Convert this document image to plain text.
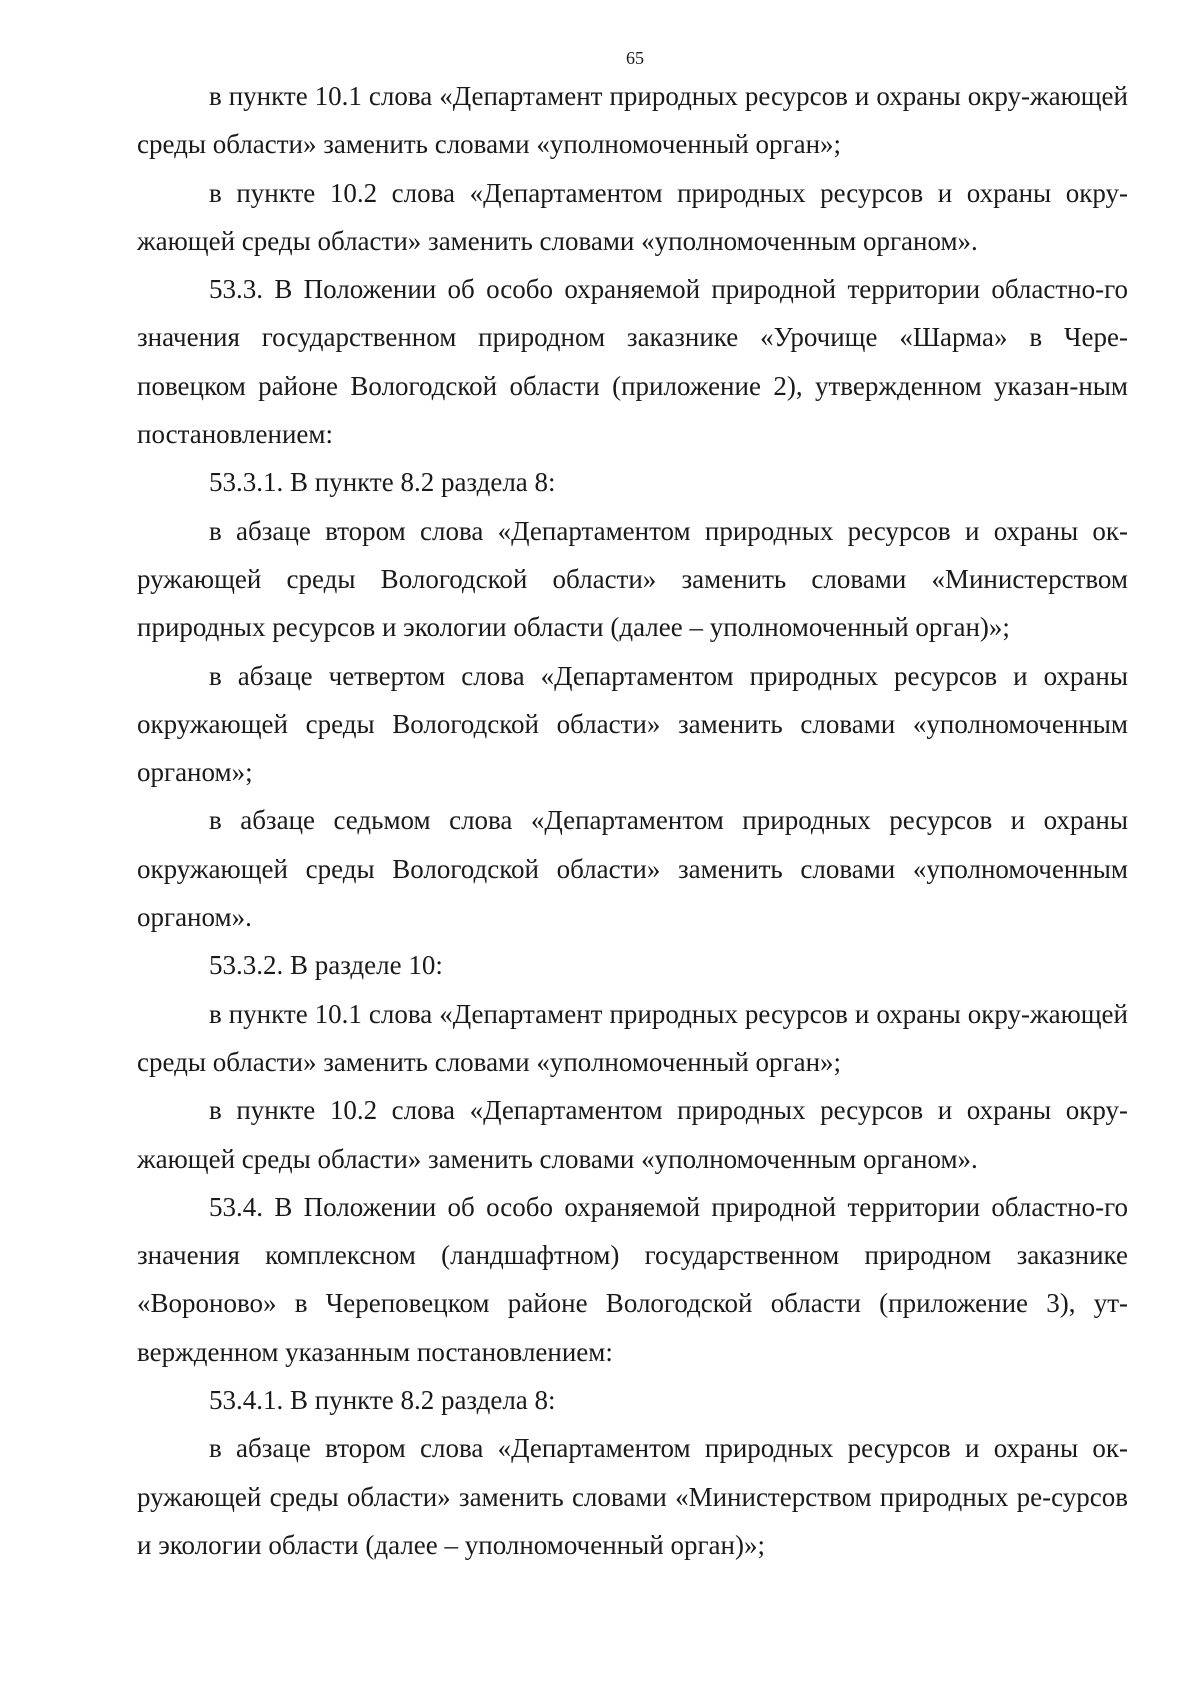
65

в пункте 10.1 слова «Департамент природных ресурсов и охраны окру-жающей среды области» заменить словами «уполномоченный орган»;

в пункте 10.2 слова «Департаментом природных ресурсов и охраны окру-жающей среды области» заменить словами «уполномоченным органом».

53.3. В Положении об особо охраняемой природной территории областно-го значения государственном природном заказнике «Урочище «Шарма» в Чере-повецком районе Вологодской области (приложение 2), утвержденном указан-ным постановлением:

53.3.1. В пункте 8.2 раздела 8:

в абзаце втором слова «Департаментом природных ресурсов и охраны ок-ружающей среды Вологодской области» заменить словами «Министерством природных ресурсов и экологии области (далее – уполномоченный орган)»;

в абзаце четвертом слова «Департаментом природных ресурсов и охраны окружающей среды Вологодской области» заменить словами «уполномоченным органом»;

в абзаце седьмом слова «Департаментом природных ресурсов и охраны окружающей среды Вологодской области» заменить словами «уполномоченным органом».

53.3.2. В разделе 10:

в пункте 10.1 слова «Департамент природных ресурсов и охраны окру-жающей среды области» заменить словами «уполномоченный орган»;

в пункте 10.2 слова «Департаментом природных ресурсов и охраны окру-жающей среды области» заменить словами «уполномоченным органом».

53.4. В Положении об особо охраняемой природной территории областно-го значения комплексном (ландшафтном) государственном природном заказнике «Вороново» в Череповецком районе Вологодской области (приложение 3), ут-вержденном указанным постановлением:

53.4.1. В пункте 8.2 раздела 8:

в абзаце втором слова «Департаментом природных ресурсов и охраны ок-ружающей среды области» заменить словами «Министерством природных ре-сурсов и экологии области (далее – уполномоченный орган)»;
